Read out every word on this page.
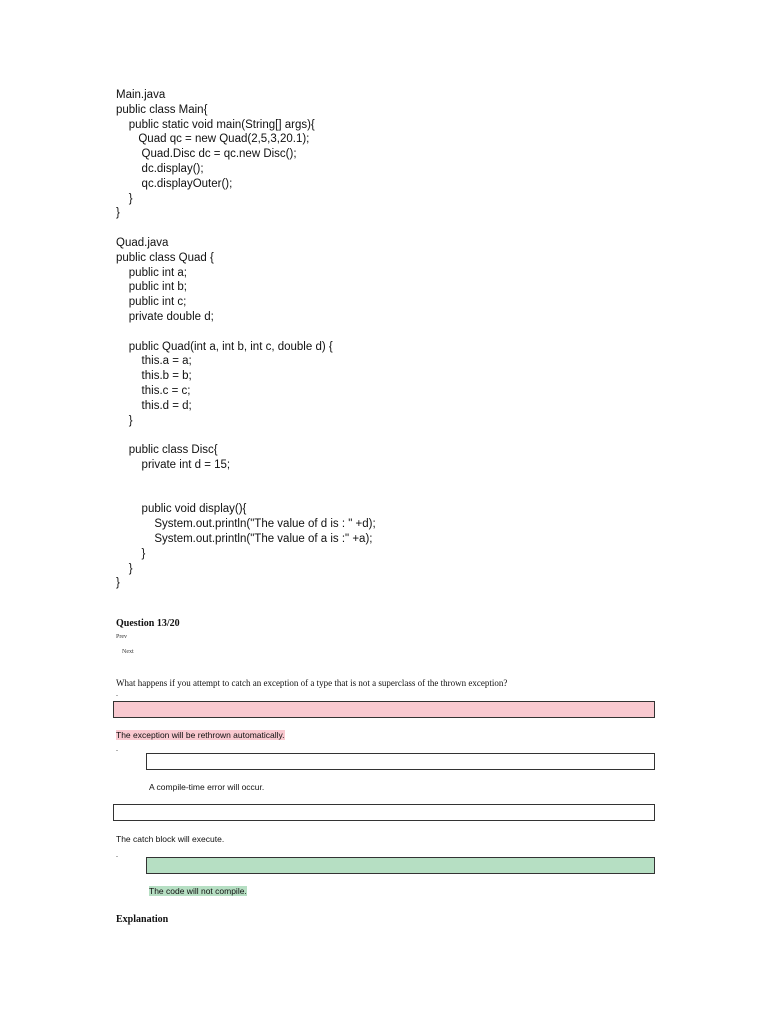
Main.java
public class Main{
public static void main(String[] args){
Quad qc = new Quad(2,5,3,20.1);
Quad.Disc dc = qc.new Disc();
dc.display();
qc.displayOuter();
}
}
Quad.java
public class Quad {
public int a;
public int b;
public int c;
private double d;
public Quad(int a, int b, int c, double d) {
this.a = a;
this.b = b;
this.c = c;
this.d = d;
}
public class Disc{
private int d = 15;
public void display(){
System.out.println("The value of d is : " +d);
System.out.println("The value of a is :" +a);
}
}
}
Question 13/20
Prev
Next
What happens if you attempt to catch an exception of a type that is not a superclass of the thrown exception?
.
The exception will be rethrown automatically.
.
A compile-time error will occur.
The catch block will execute.
.
The code will not compile.
Explanation
